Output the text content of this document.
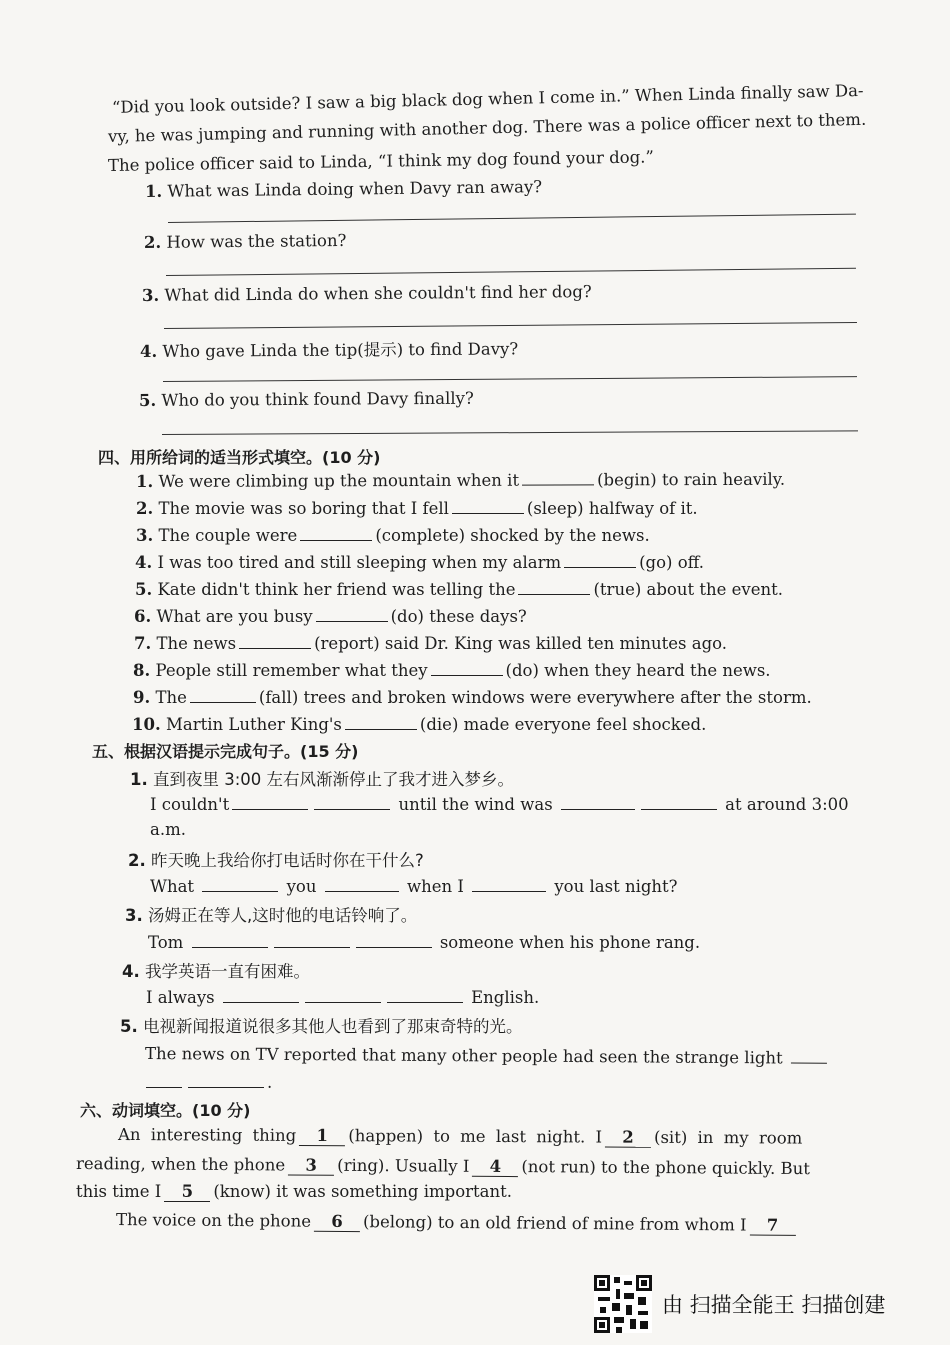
“Did you look outside? I saw a big black dog when I come in.” When Linda finally saw Da-
vy, he was jumping and running with another dog. There was a police officer next to them.
The police officer said to Linda, “I think my dog found your dog.”
1. What was Linda doing when Davy ran away?
2. How was the station?
3. What did Linda do when she couldn't find her dog?
4. Who gave Linda the tip(提示) to find Davy?
5. Who do you think found Davy finally?
四、用所给词的适当形式填空。(10 分)
1. We were climbing up the mountain when it	(begin) to rain heavily.
2. The movie was so boring that I fell	(sleep) halfway of it.
3. The couple were	(complete) shocked by the news.
4. I was too tired and still sleeping when my alarm	(go) off.
5. Kate didn't think her friend was telling the	(true) about the event.
6. What are you busy	(do) these days?
7. The news	(report) said Dr. King was killed ten minutes ago.
8. People still remember what they	(do) when they heard the news.
9. The	(fall) trees and broken windows were everywhere after the storm.
10. Martin Luther King's	(die) made everyone feel shocked.
五、根据汉语提示完成句子。(15 分)
1. 直到夜里 3:00 左右风渐渐停止了我才进入梦乡。
I couldn't	until the wind was	at around 3:00
a.m.
2. 昨天晚上我给你打电话时你在干什么?
What	you	when I	you last night?
3. 汤姆正在等人,这时他的电话铃响了。
Tom	someone when his phone rang.
4. 我学英语一直有困难。
I always	English.
5. 电视新闻报道说很多其他人也看到了那束奇特的光。
The news on TV reported that many other people had seen the strange light
.
六、动词填空。(10 分)
An interesting thing 1 (happen) to me last night. I 2 (sit) in my room
reading, when the phone 3 (ring). Usually I 4 (not run) to the phone quickly. But
this time I 5 (know) it was something important.
The voice on the phone 6 (belong) to an old friend of mine from whom I 7
由 扫描全能王 扫描创建
